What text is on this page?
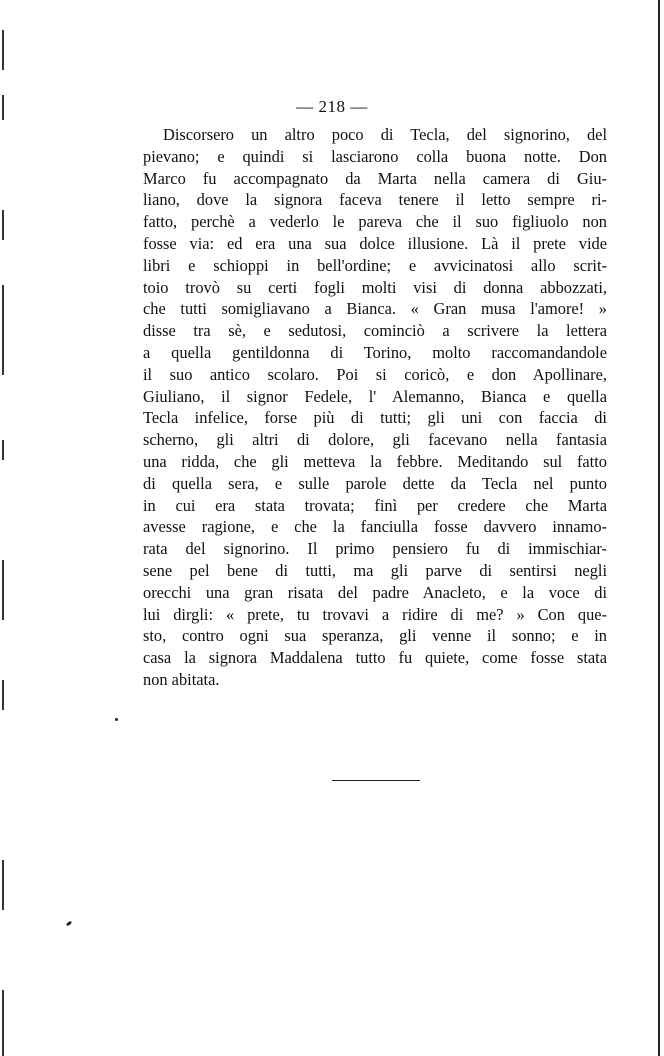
— 218 —
Discorsero un altro poco di Tecla, del signorino, del
pievano; e quindi si lasciarono colla buona notte. Don
Marco fu accompagnato da Marta nella camera di Giu-
liano, dove la signora faceva tenere il letto sempre ri-
fatto, perchè a vederlo le pareva che il suo figliuolo non
fosse via: ed era una sua dolce illusione. Là il prete vide
libri e schioppi in bell'ordine; e avvicinatosi allo scrit-
toio trovò su certi fogli molti visi di donna abbozzati,
che tutti somigliavano a Bianca. « Gran musa l'amore! »
disse tra sè, e sedutosi, cominciò a scrivere la lettera
a quella gentildonna di Torino, molto raccomandandole
il suo antico scolaro. Poi si coricò, e don Apollinare,
Giuliano, il signor Fedele, l' Alemanno, Bianca e quella
Tecla infelice, forse più di tutti; gli uni con faccia di
scherno, gli altri di dolore, gli facevano nella fantasia
una ridda, che gli metteva la febbre. Meditando sul fatto
di quella sera, e sulle parole dette da Tecla nel punto
in cui era stata trovata; finì per credere che Marta
avesse ragione, e che la fanciulla fosse davvero innamo-
rata del signorino. Il primo pensiero fu di immischiar-
sene pel bene di tutti, ma gli parve di sentirsi negli
orecchi una gran risata del padre Anacleto, e la voce di
lui dirgli: « prete, tu trovavi a ridire di me? » Con que-
sto, contro ogni sua speranza, gli venne il sonno; e in
casa la signora Maddalena tutto fu quiete, come fosse stata
non abitata.
